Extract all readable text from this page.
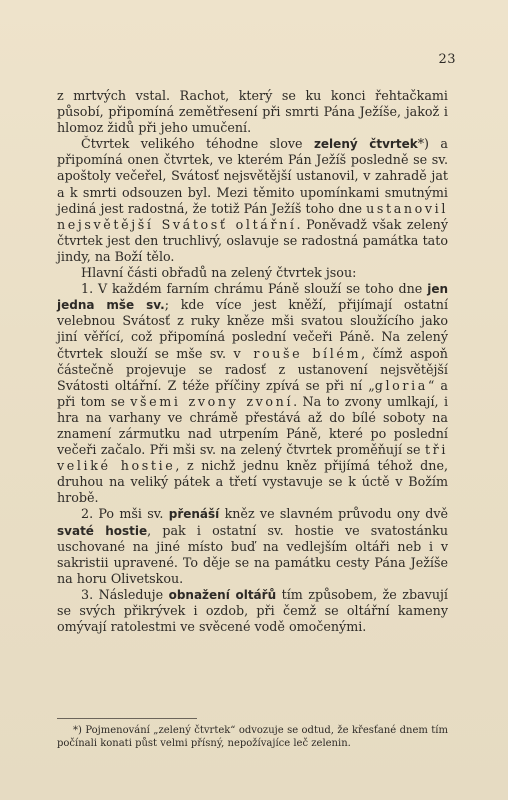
23

z mrtvých vstal. Rachot, který se ku konci řehtačkami působí, připomíná zemětřesení při smrti Pána Ježíše, jakož i hlomoz židů při jeho umučení.

Čtvrtek velikého téhodne slove zelený čtvrtek*) a připomíná onen čtvrtek, ve kterém Pán Ježíš posledně se sv. apoštoly večeřel, Svátosť nejsvětější ustanovil, v zahradě jat a k smrti odsouzen byl. Mezi těmito upomínkami smutnými jediná jest radostná, že totiž Pán Ježíš toho dne ustanovil nejsvětější Svátosť oltářní. Poněvadž však zelený čtvrtek jest den truchlivý, oslavuje se radostná památka tato jindy, na Boží tělo.

Hlavní části obřadů na zelený čtvrtek jsou:

1. V každém farním chrámu Páně slouží se toho dne jen jedna mše sv.; kde více jest kněží, přijímají ostatní velebnou Svátosť z ruky kněze mši svatou sloužícího jako jiní věřící, což připomíná poslední večeři Páně. Na zelený čtvrtek slouží se mše sv. v rouše bílém, čímž aspoň částečně projevuje se radosť z ustanovení nejsvětější Svátosti oltářní. Z téže příčiny zpívá se při ní „gloria“ a při tom se všemi zvony zvoní. Na to zvony umlkají, i hra na varhany ve chrámě přestává až do bílé soboty na znamení zármutku nad utrpením Páně, které po poslední večeři začalo. Při mši sv. na zelený čtvrtek proměňují se tři veliké hostie, z nichž jednu kněz přijímá téhož dne, druhou na veliký pátek a třetí vystavuje se k úctě v Božím hrobě.

2. Po mši sv. přenáší kněz ve slavném průvodu ony dvě svaté hostie, pak i ostatní sv. hostie ve svatostánku uschované na jiné místo buď na vedlejším oltáři neb i v sakristii upravené. To děje se na památku cesty Pána Ježíše na horu Olivetskou.

3. Následuje obnažení oltářů tím způsobem, že zbavují se svých přikrývek i ozdob, při čemž se oltářní kameny omývají ratolestmi ve svěcené vodě omočenými.

*) Pojmenování „zelený čtvrtek“ odvozuje se odtud, že křesťané dnem tím počínali konati půst velmi přísný, nepožívajíce leč zelenin.
